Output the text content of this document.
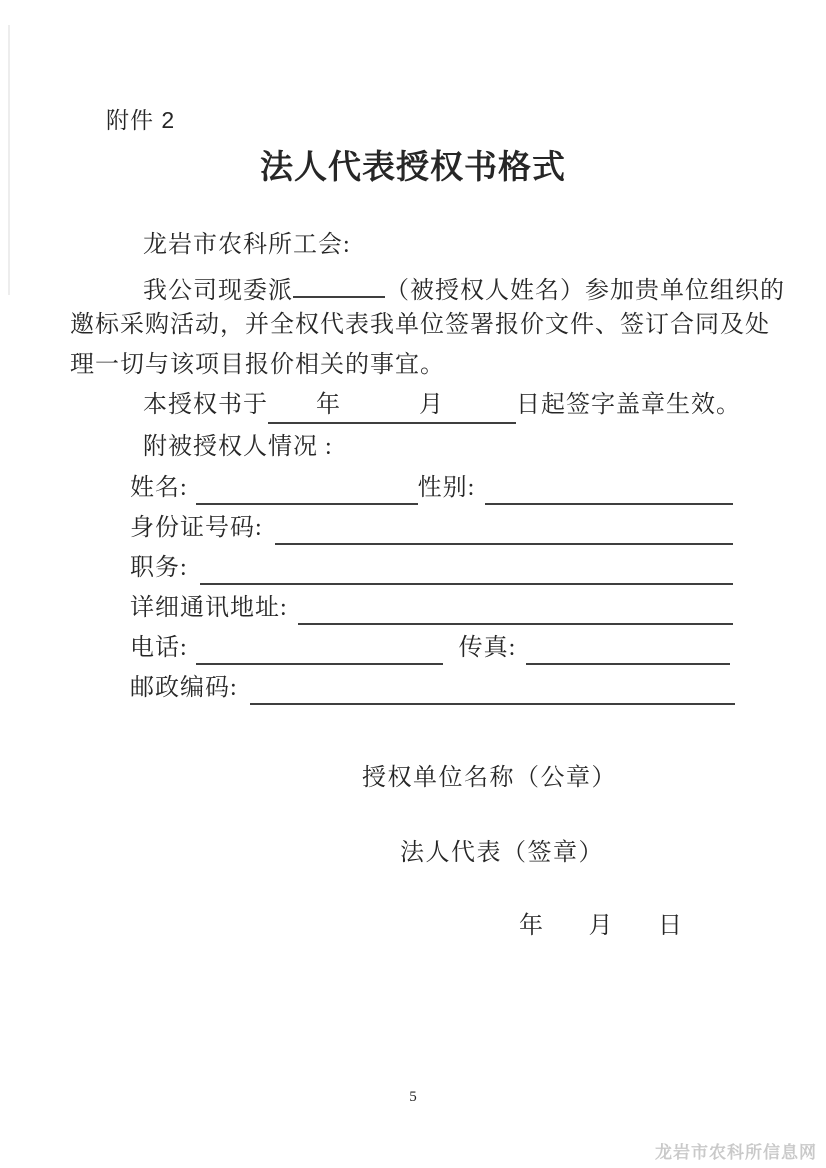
附件 2
法人代表授权书格式
龙岩市农科所工会:
我公司现委派	（被授权人姓名）参加贵单位组织的
邀标采购活动，并全权代表我单位签署报价文件、签订合同及处
理一切与该项目报价相关的事宜。
本授权书于 年	月	日起签字盖章生效。
附被授权人情况 :
姓名:	性别:
身份证号码:
职务:
详细通讯地址:
电话:	传真:
邮政编码:
授权单位名称（公章）
法人代表（签章）
年 月 日
5
龙岩市农科所信息网
